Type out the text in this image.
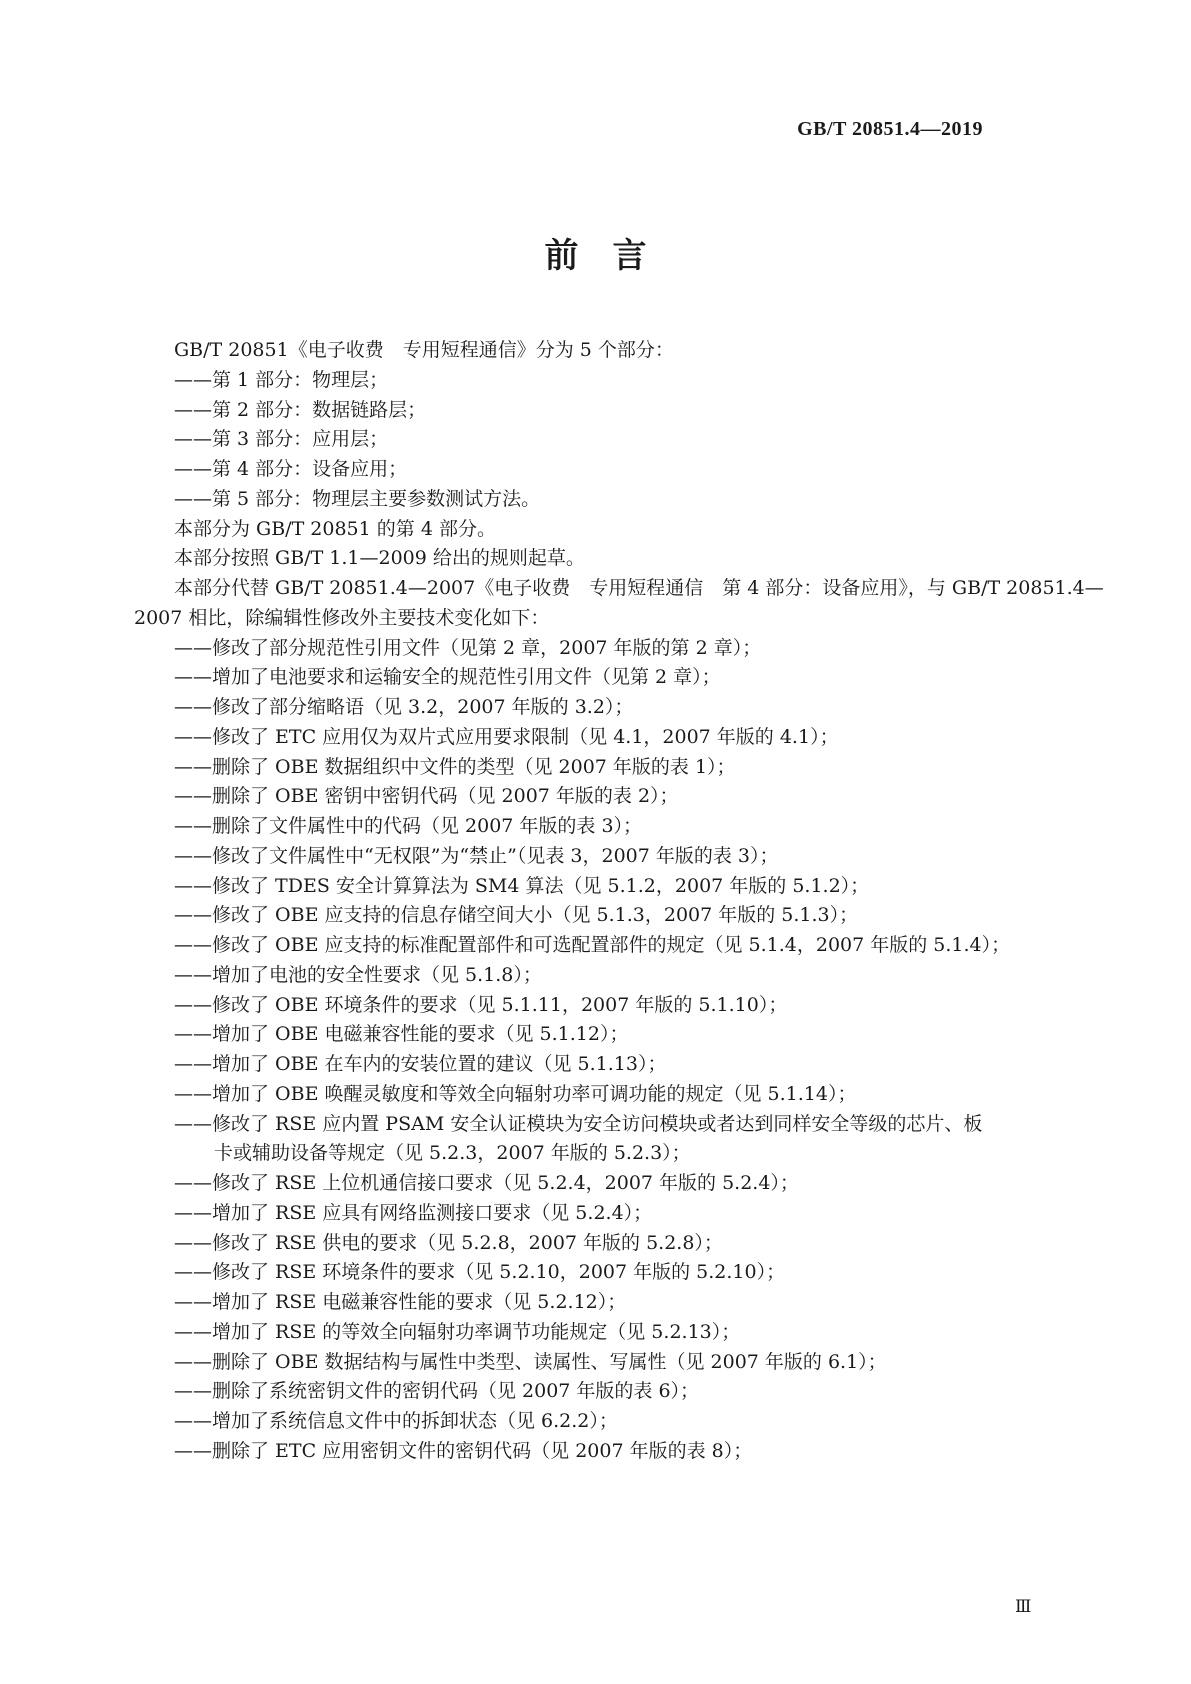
GB/T 20851.4—2019
前　言
GB/T 20851《电子收费　专用短程通信》分为 5 个部分：
——第 1 部分：物理层；
——第 2 部分：数据链路层；
——第 3 部分：应用层；
——第 4 部分：设备应用；
——第 5 部分：物理层主要参数测试方法。
本部分为 GB/T 20851 的第 4 部分。
本部分按照 GB/T 1.1—2009 给出的规则起草。
本部分代替 GB/T 20851.4—2007《电子收费　专用短程通信　第 4 部分：设备应用》，与 GB/T 20851.4—
2007 相比，除编辑性修改外主要技术变化如下：
——修改了部分规范性引用文件（见第 2 章，2007 年版的第 2 章）；
——增加了电池要求和运输安全的规范性引用文件（见第 2 章）；
——修改了部分缩略语（见 3.2，2007 年版的 3.2）；
——修改了 ETC 应用仅为双片式应用要求限制（见 4.1，2007 年版的 4.1）；
——删除了 OBE 数据组织中文件的类型（见 2007 年版的表 1）；
——删除了 OBE 密钥中密钥代码（见 2007 年版的表 2）；
——删除了文件属性中的代码（见 2007 年版的表 3）；
——修改了文件属性中“无权限”为“禁止”（见表 3，2007 年版的表 3）；
——修改了 TDES 安全计算算法为 SM4 算法（见 5.1.2，2007 年版的 5.1.2）；
——修改了 OBE 应支持的信息存储空间大小（见 5.1.3，2007 年版的 5.1.3）；
——修改了 OBE 应支持的标准配置部件和可选配置部件的规定（见 5.1.4，2007 年版的 5.1.4）；
——增加了电池的安全性要求（见 5.1.8）；
——修改了 OBE 环境条件的要求（见 5.1.11，2007 年版的 5.1.10）；
——增加了 OBE 电磁兼容性能的要求（见 5.1.12）；
——增加了 OBE 在车内的安装位置的建议（见 5.1.13）；
——增加了 OBE 唤醒灵敏度和等效全向辐射功率可调功能的规定（见 5.1.14）；
——修改了 RSE 应内置 PSAM 安全认证模块为安全访问模块或者达到同样安全等级的芯片、板
卡或辅助设备等规定（见 5.2.3，2007 年版的 5.2.3）；
——修改了 RSE 上位机通信接口要求（见 5.2.4，2007 年版的 5.2.4）；
——增加了 RSE 应具有网络监测接口要求（见 5.2.4）；
——修改了 RSE 供电的要求（见 5.2.8，2007 年版的 5.2.8）；
——修改了 RSE 环境条件的要求（见 5.2.10，2007 年版的 5.2.10）；
——增加了 RSE 电磁兼容性能的要求（见 5.2.12）；
——增加了 RSE 的等效全向辐射功率调节功能规定（见 5.2.13）；
——删除了 OBE 数据结构与属性中类型、读属性、写属性（见 2007 年版的 6.1）；
——删除了系统密钥文件的密钥代码（见 2007 年版的表 6）；
——增加了系统信息文件中的拆卸状态（见 6.2.2）；
——删除了 ETC 应用密钥文件的密钥代码（见 2007 年版的表 8）；
Ⅲ
